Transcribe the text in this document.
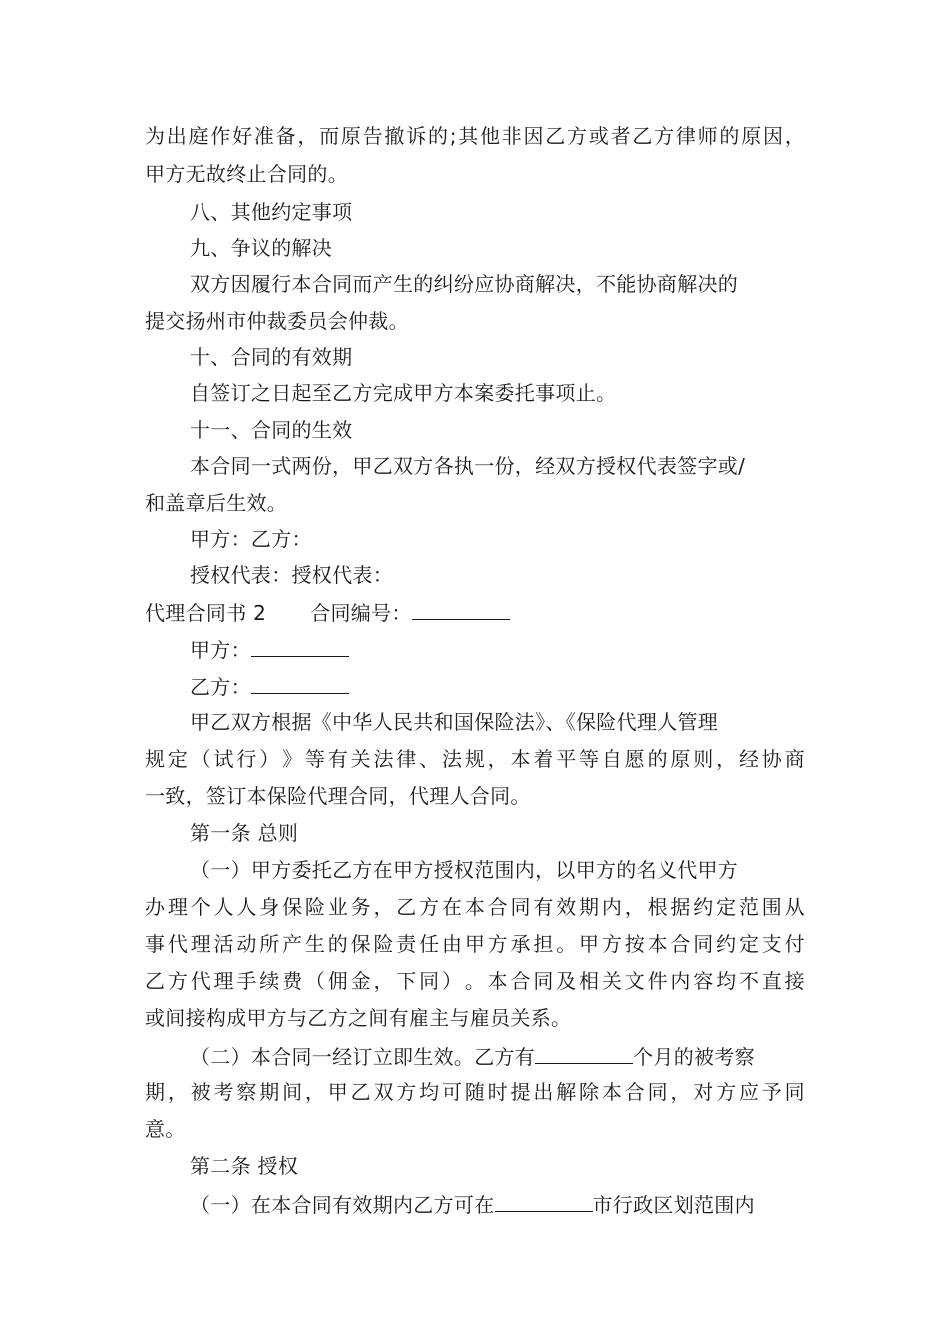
为 出 庭 作 好 准 备 ， 而 原 告 撤 诉 的 ; 其 他 非 因 乙 方 或 者 乙 方 律 师 的 原 因 ，
甲方无故终止合同的。
八、其他约定事项
九、争议的解决
双方因履行本合同而产生的纠纷应协商解决，不能协商解决的
提交扬州市仲裁委员会仲裁。
十、合同的有效期
自签订之日起至乙方完成甲方本案委托事项止。
十一、合同的生效
本合同一式两份，甲乙双方各执一份，经双方授权代表签字或/
和盖章后生效。
甲方：乙方：
授权代表：授权代表：
代理合同书 2 合同编号：
甲方：
乙方：
甲乙双方根据《中华人民共和国保险法》、《保险代理人管理
规 定 （ 试 行 ） 》 等 有 关 法 律 、 法 规 ， 本 着 平 等 自 愿 的 原 则 ， 经 协 商
一致，签订本保险代理合同，代理人合同。
第一条 总则
（一）甲方委托乙方在甲方授权范围内，以甲方的名义代甲方
办 理 个 人 人 身 保 险 业 务 ， 乙 方 在 本 合 同 有 效 期 内 ， 根 据 约 定 范 围 从
事 代 理 活 动 所 产 生 的 保 险 责 任 由 甲 方 承 担 。 甲 方 按 本 合 同 约 定 支 付
乙 方 代 理 手 续 费 （ 佣 金 ， 下 同 ） 。 本 合 同 及 相 关 文 件 内 容 均 不 直 接
或间接构成甲方与乙方之间有雇主与雇员关系。
（二）本合同一经订立即生效。乙方有	个月的被考察
期 ， 被 考 察 期 间 ， 甲 乙 双 方 均 可 随 时 提 出 解 除 本 合 同 ， 对 方 应 予 同
意。
第二条 授权
（一）在本合同有效期内乙方可在	市行政区划范围内
